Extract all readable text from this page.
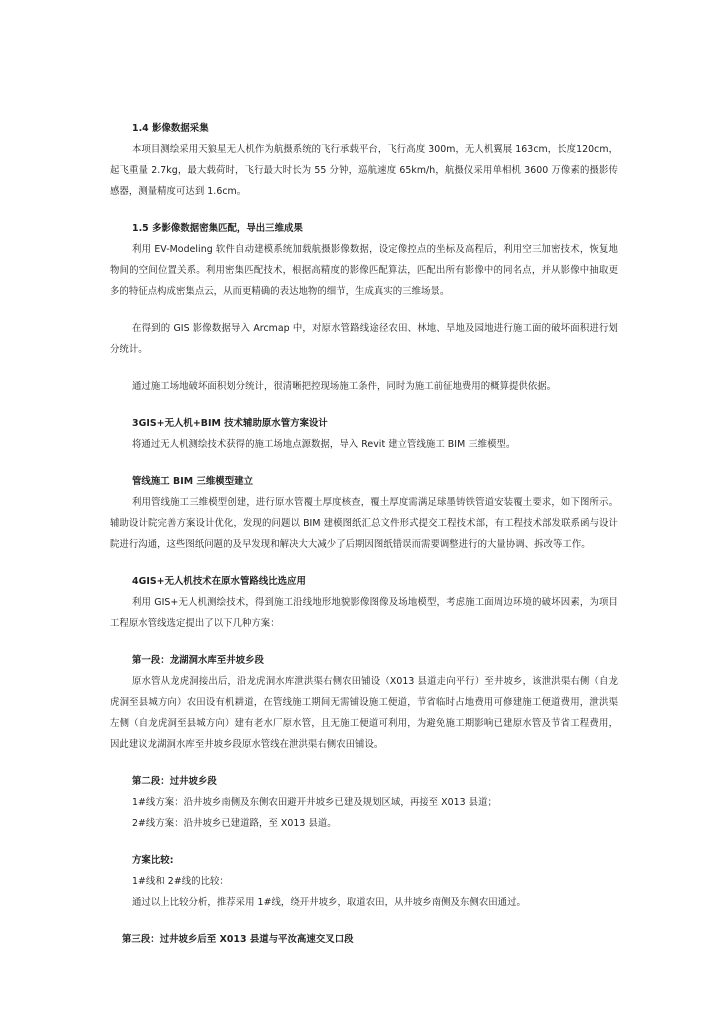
1.4 影像数据采集

本项目测绘采用天狼星无人机作为航摄系统的飞行承载平台，飞行高度 300m，无人机翼展 163cm，长度120cm，起飞重量 2.7kg，最大载荷时，飞行最大时长为 55 分钟，巡航速度 65km/h，航摄仪采用单相机 3600 万像素的摄影传感器，测量精度可达到 1.6cm。

1.5 多影像数据密集匹配，导出三维成果

利用 EV-Modeling 软件自动建模系统加载航摄影像数据，设定像控点的坐标及高程后，利用空三加密技术，恢复地物间的空间位置关系。利用密集匹配技术，根据高精度的影像匹配算法，匹配出所有影像中的同名点，并从影像中抽取更多的特征点构成密集点云，从而更精确的表达地物的细节，生成真实的三维场景。

在得到的 GIS 影像数据导入 Arcmap 中，对原水管路线途径农田、林地、旱地及园地进行施工面的破坏面积进行划分统计。

通过施工场地破坏面积划分统计，很清晰把控现场施工条件，同时为施工前征地费用的概算提供依据。

3GIS+无人机+BIM 技术辅助原水管方案设计

将通过无人机测绘技术获得的施工场地点源数据，导入 Revit 建立管线施工 BIM 三维模型。

管线施工 BIM 三维模型建立

利用管线施工三维模型创建，进行原水管覆土厚度核查，覆土厚度需满足球墨铸铁管道安装覆土要求，如下图所示。辅助设计院完善方案设计优化，发现的问题以 BIM 建模图纸汇总文件形式提交工程技术部，有工程技术部发联系函与设计院进行沟通，这些图纸问题的及早发现和解决大大减少了后期因图纸错误而需要调整进行的大量协调、拆改等工作。

4GIS+无人机技术在原水管路线比选应用

利用 GIS+无人机测绘技术，得到施工沿线地形地貌影像图像及场地模型，考虑施工面周边环境的破坏因素，为项目工程原水管线选定提出了以下几种方案：

第一段：龙湖洞水库至井坡乡段

原水管从龙虎洞接出后，沿龙虎洞水库泄洪渠右侧农田铺设（X013 县道走向平行）至井坡乡，该泄洪渠右侧（自龙虎洞至县城方向）农田设有机耕道，在管线施工期间无需铺设施工便道，节省临时占地费用可修建施工便道费用，泄洪渠左侧（自龙虎洞至县城方向）建有老水厂原水管，且无施工便道可利用，为避免施工期影响已建原水管及节省工程费用，因此建议龙湖洞水库至井坡乡段原水管线在泄洪渠右侧农田铺设。

第二段：过井坡乡段

1#线方案：沿井坡乡南侧及东侧农田避开井坡乡已建及规划区域，再接至 X013 县道；

2#线方案：沿井坡乡已建道路，至 X013 县道。

方案比较:

1#线和 2#线的比较：

通过以上比较分析，推荐采用 1#线，绕开井坡乡，取道农田，从井坡乡南侧及东侧农田通过。

第三段：过井坡乡后至 X013 县道与平汝高速交叉口段
